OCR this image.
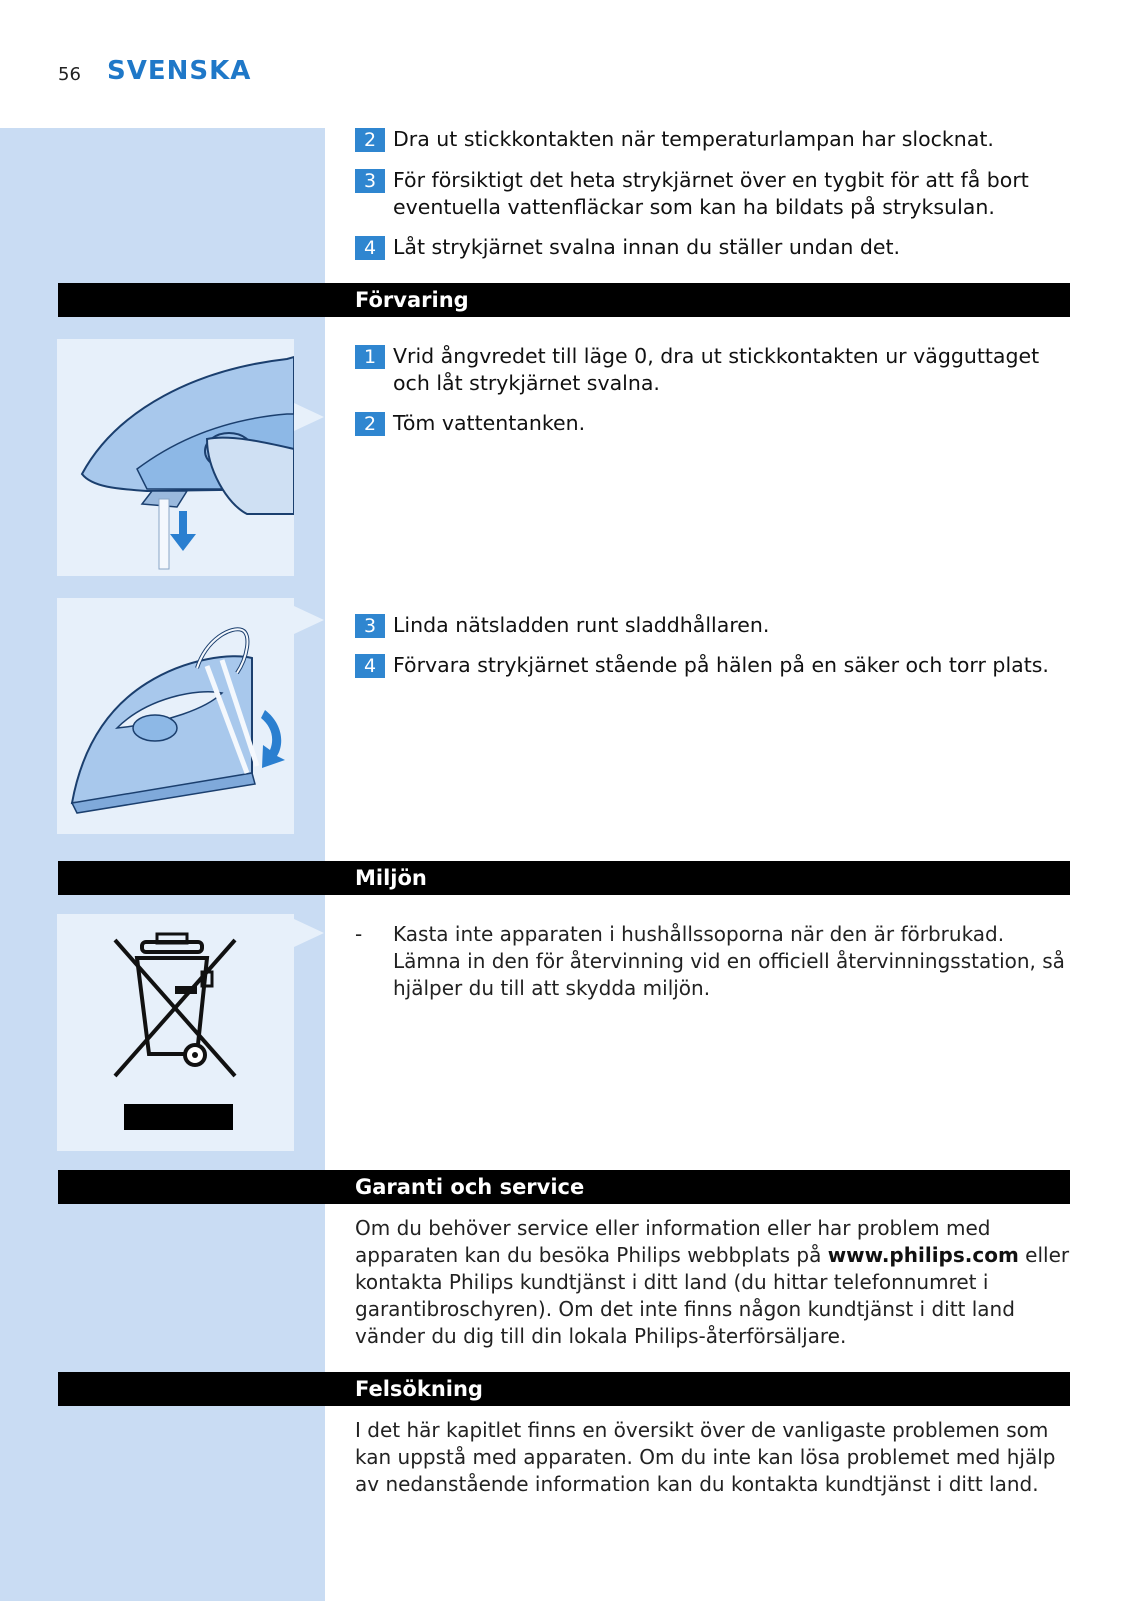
56 SVENSKA
2 Dra ut stickkontakten när temperaturlampan har slocknat.
3 För försiktigt det heta strykjärnet över en tygbit för att få bort eventuella vattenfläckar som kan ha bildats på stryksulan.
4 Låt strykjärnet svalna innan du ställer undan det.
Förvaring
1 Vrid ångvredet till läge 0, dra ut stickkontakten ur vägguttaget och låt strykjärnet svalna.
2 Töm vattentanken.
3 Linda nätsladden runt sladdhållaren.
4 Förvara strykjärnet stående på hälen på en säker och torr plats.
Miljön
- Kasta inte apparaten i hushållssoporna när den är förbrukad. Lämna in den för återvinning vid en officiell återvinningsstation, så hjälper du till att skydda miljön.
Garanti och service
Om du behöver service eller information eller har problem med apparaten kan du besöka Philips webbplats på www.philips.com eller kontakta Philips kundtjänst i ditt land (du hittar telefonnumret i garantibroschyren). Om det inte finns någon kundtjänst i ditt land vänder du dig till din lokala Philips-återförsäljare.
Felsökning
I det här kapitlet finns en översikt över de vanligaste problemen som kan uppstå med apparaten. Om du inte kan lösa problemet med hjälp av nedanstående information kan du kontakta kundtjänst i ditt land.
